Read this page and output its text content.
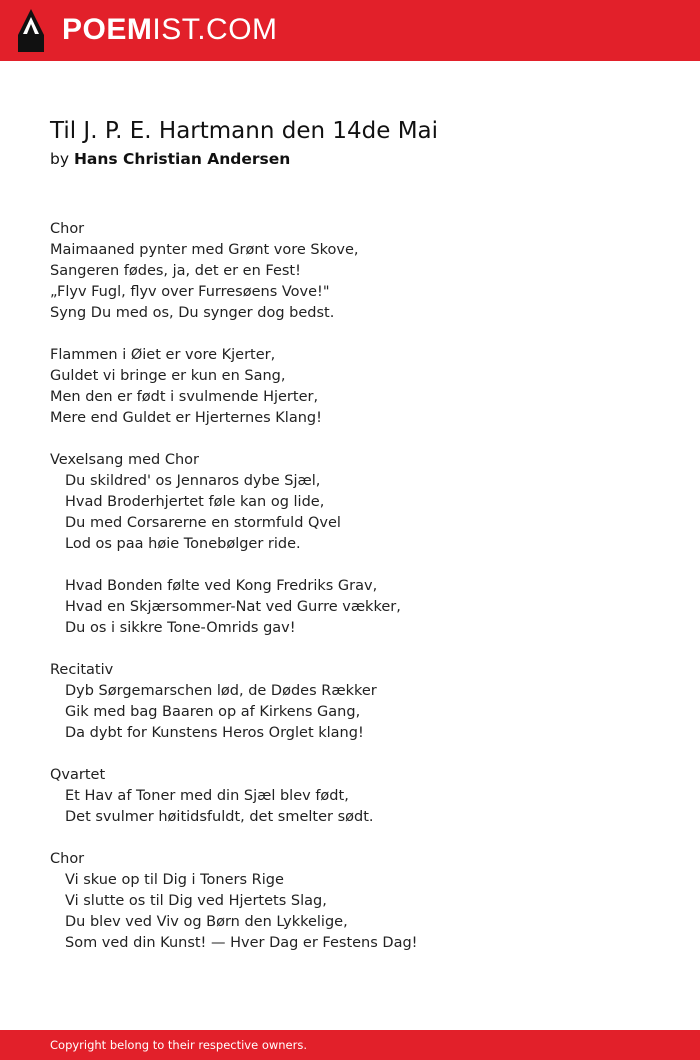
POEMIST.COM
Til J. P. E. Hartmann den 14de Mai
by Hans Christian Andersen
Chor
Maimaaned pynter med Grønt vore Skove,
Sangeren fødes, ja, det er en Fest!
„Flyv Fugl, flyv over Furresøens Vove!"
Syng Du med os, Du synger dog bedst.
Flammen i Øiet er vore Kjerter,
Guldet vi bringe er kun en Sang,
Men den er født i svulmende Hjerter,
Mere end Guldet er Hjerternes Klang!
Vexelsang med Chor
Du skildred' os Jennaros dybe Sjæl,
Hvad Broderhjertet føle kan og lide,
Du med Corsarerne en stormfuld Qvel
Lod os paa høie Tonebølger ride.
Hvad Bonden følte ved Kong Fredriks Grav,
Hvad en Skjærsommer-Nat ved Gurre vækker,
Du os i sikkre Tone-Omrids gav!
Recitativ
Dyb Sørgemarschen lød, de Dødes Rækker
Gik med bag Baaren op af Kirkens Gang,
Da dybt for Kunstens Heros Orglet klang!
Qvartet
Et Hav af Toner med din Sjæl blev født,
Det svulmer høitidsfuldt, det smelter sødt.
Chor
Vi skue op til Dig i Toners Rige
Vi slutte os til Dig ved Hjertets Slag,
Du blev ved Viv og Børn den Lykkelige,
Som ved din Kunst! — Hver Dag er Festens Dag!
Copyright belong to their respective owners.
